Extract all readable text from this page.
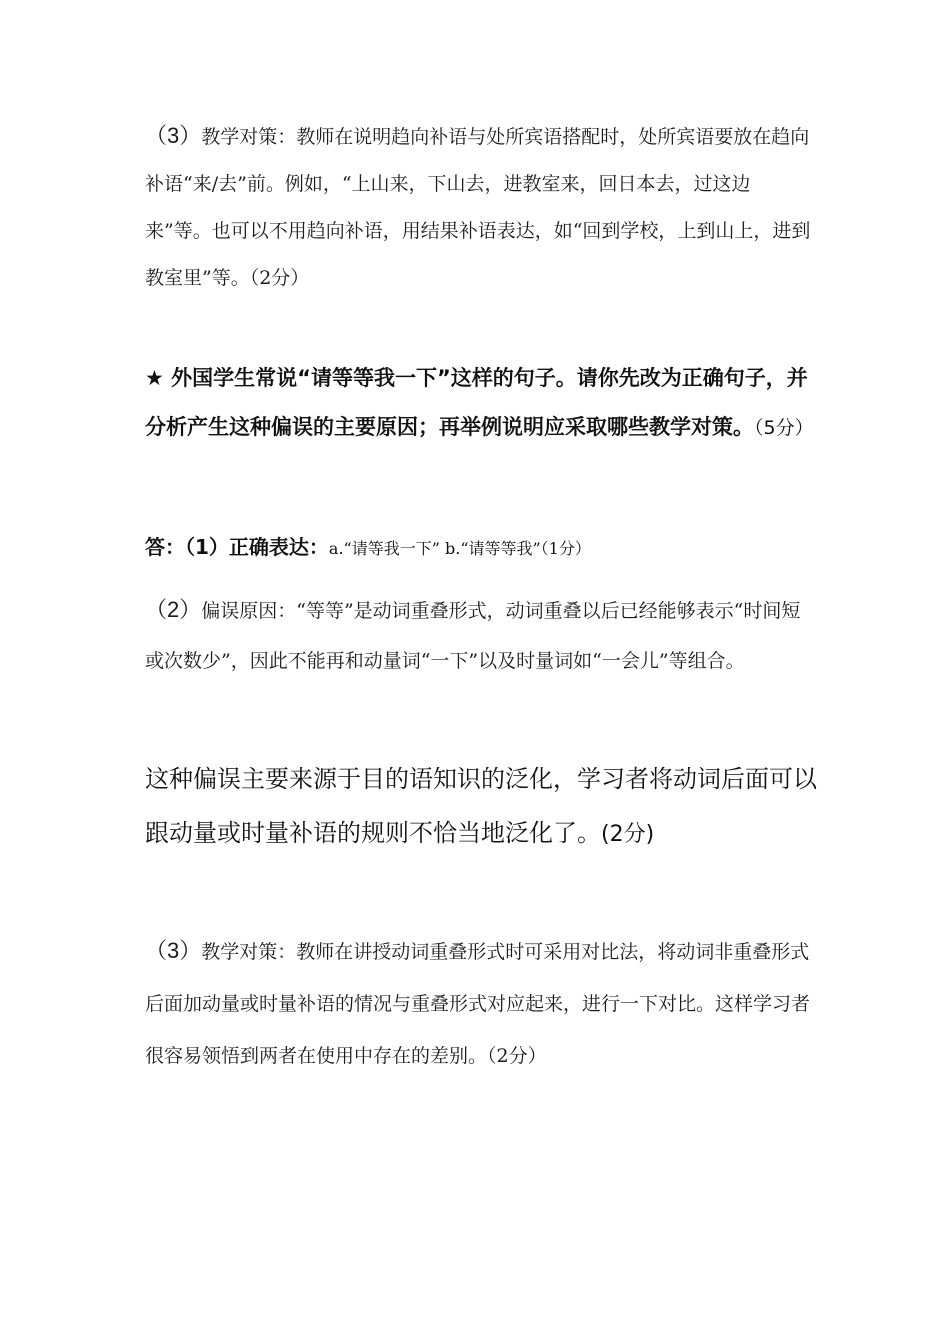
（3）教学对策：教师在说明趋向补语与处所宾语搭配时，处所宾语要放在趋向补语“来/去”前。例如，“上山来，下山去，进教室来，回日本去，过这边来”等。也可以不用趋向补语，用结果补语表达，如“回到学校，上到山上，进到教室里”等。（2分）

★ 外国学生常说“请等等我一下”这样的句子。请你先改为正确句子，并分析产生这种偏误的主要原因；再举例说明应采取哪些教学对策。（5分）

答：（1）正确表达：a.“请等我一下” b.“请等等我”（1分）

（2）偏误原因：“等等”是动词重叠形式，动词重叠以后已经能够表示“时间短或次数少”，因此不能再和动量词“一下”以及时量词如“一会儿”等组合。

这种偏误主要来源于目的语知识的泛化，学习者将动词后面可以跟动量或时量补语的规则不恰当地泛化了。(2分)

（3）教学对策：教师在讲授动词重叠形式时可采用对比法，将动词非重叠形式后面加动量或时量补语的情况与重叠形式对应起来，进行一下对比。这样学习者很容易领悟到两者在使用中存在的差别。（2分）
